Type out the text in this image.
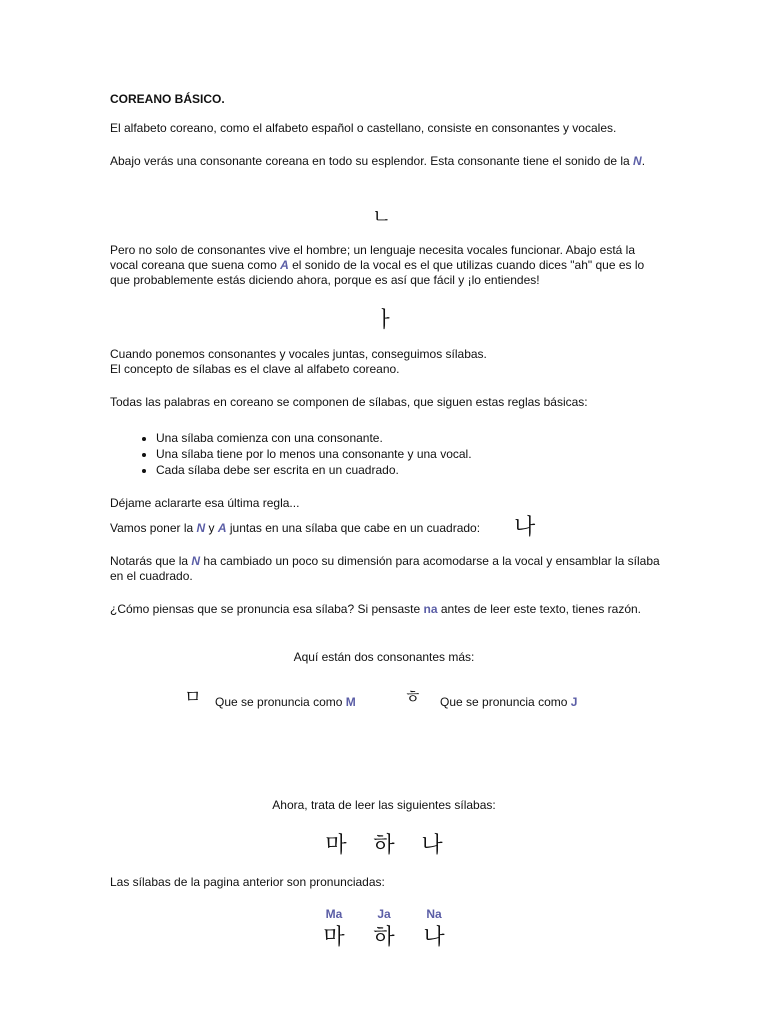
COREANO BÁSICO.

El alfabeto coreano, como el alfabeto español o castellano, consiste en consonantes y vocales.

Abajo verás una consonante coreana en todo su esplendor. Esta consonante tiene el sonido de la N.

ㄴ

Pero no solo de consonantes vive el hombre; un lenguaje necesita vocales funcionar. Abajo está la vocal coreana que suena como A el sonido de la vocal es el que utilizas cuando dices "ah" que es lo que probablemente estás diciendo ahora, porque es así que fácil y ¡lo entiendes!

ㅏ

Cuando ponemos consonantes y vocales juntas, conseguimos sílabas.
El concepto de sílabas es el clave al alfabeto coreano.

Todas las palabras en coreano se componen de sílabas, que siguen estas reglas básicas:

• Una sílaba comienza con una consonante.
• Una sílaba tiene por lo menos una consonante y una vocal.
• Cada sílaba debe ser escrita en un cuadrado.

Déjame aclararte esa última regla...

Vamos poner la N y A juntas en una sílaba que cabe en un cuadrado:	나

Notarás que la N ha cambiado un poco su dimensión para acomodarse a la vocal y ensamblar la sílaba en el cuadrado.

¿Cómo piensas que se pronuncia esa sílaba? Si pensaste na antes de leer este texto, tienes razón.

Aquí están dos consonantes más:
ㅁ Que se pronuncia como M	ㅎ Que se pronuncia como J
Ahora, trata de leer las siguientes sílabas:
마 하 나

Las sílabas de la pagina anterior son pronunciadas:

Ma	Ja	Na
마 하 나
